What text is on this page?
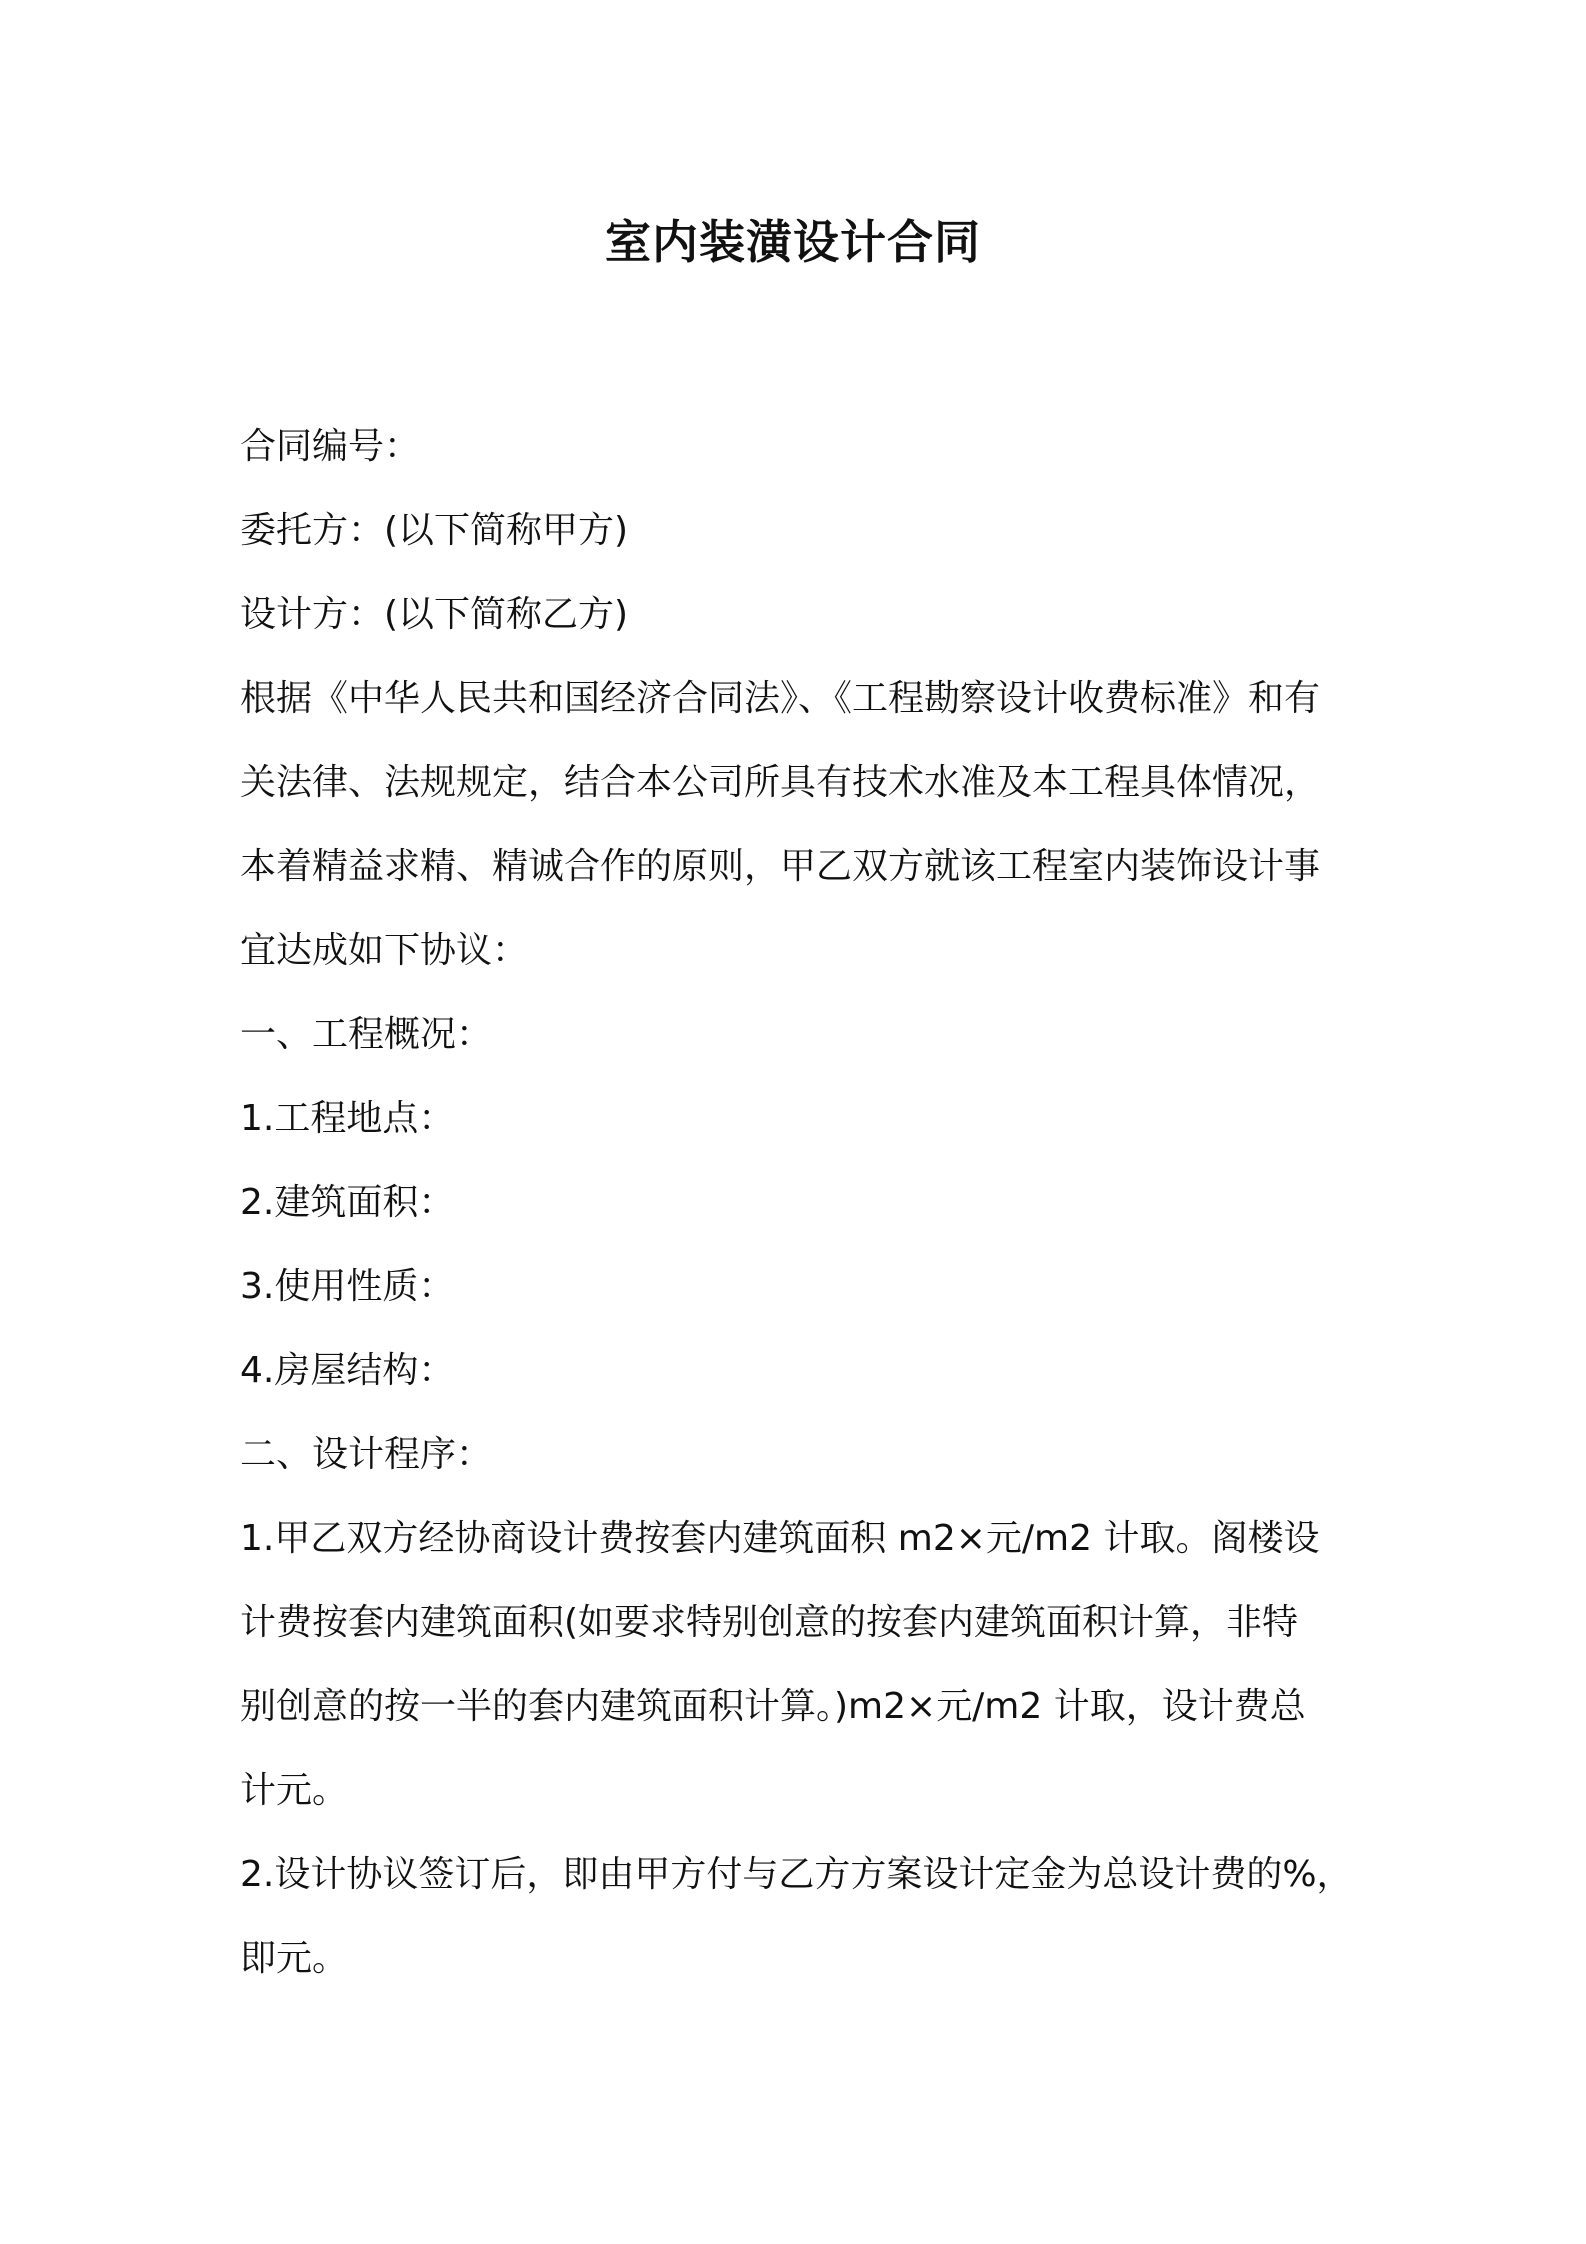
室内装潢设计合同

合同编号：

委托方：(以下简称甲方)

设计方：(以下简称乙方)

根据《中华人民共和国经济合同法》、《工程勘察设计收费标准》和有

关法律、法规规定，结合本公司所具有技术水准及本工程具体情况，

本着精益求精、精诚合作的原则，甲乙双方就该工程室内装饰设计事

宜达成如下协议：

一、工程概况：

1.工程地点：

2.建筑面积：

3.使用性质：

4.房屋结构：

二、设计程序：

1.甲乙双方经协商设计费按套内建筑面积 m2×元/m2 计取。阁楼设

计费按套内建筑面积(如要求特别创意的按套内建筑面积计算，非特

别创意的按一半的套内建筑面积计算。)m2×元/m2 计取，设计费总

计元。

2.设计协议签订后，即由甲方付与乙方方案设计定金为总设计费的%，

即元。
